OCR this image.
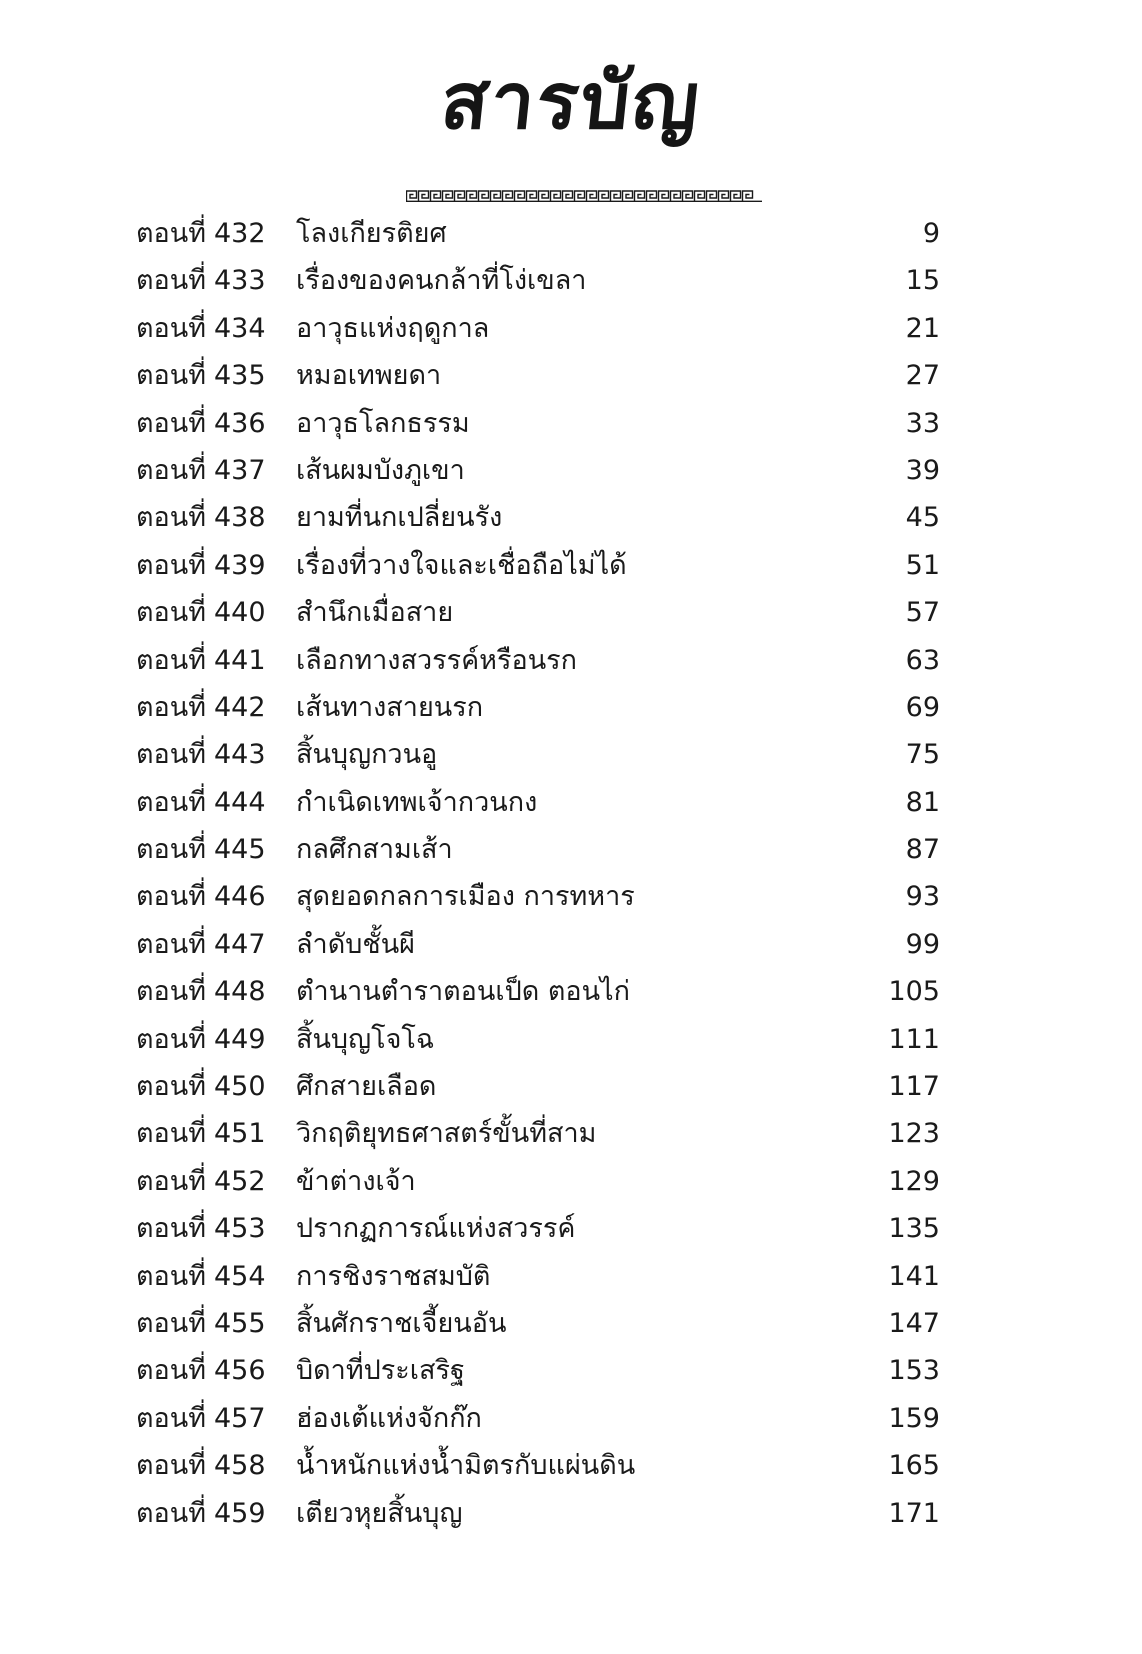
สารบัญ
ตอนที่ 432 โลงเกียรติยศ	9
ตอนที่ 433 เรื่องของคนกล้าที่โง่เขลา	15
ตอนที่ 434 อาวุธแห่งฤดูกาล	21
ตอนที่ 435 หมอเทพยดา	27
ตอนที่ 436 อาวุธโลกธรรม	33
ตอนที่ 437 เส้นผมบังภูเขา	39
ตอนที่ 438 ยามที่นกเปลี่ยนรัง	45
ตอนที่ 439 เรื่องที่วางใจและเชื่อถือไม่ได้	51
ตอนที่ 440 สำนึกเมื่อสาย	57
ตอนที่ 441 เลือกทางสวรรค์หรือนรก	63
ตอนที่ 442 เส้นทางสายนรก	69
ตอนที่ 443 สิ้นบุญกวนอู	75
ตอนที่ 444 กำเนิดเทพเจ้ากวนกง	81
ตอนที่ 445 กลศึกสามเส้า	87
ตอนที่ 446 สุดยอดกลการเมือง การทหาร	93
ตอนที่ 447 ลำดับชั้นผี	99
ตอนที่ 448 ตำนานตำราตอนเป็ด ตอนไก่	105
ตอนที่ 449 สิ้นบุญโจโฉ	111
ตอนที่ 450 ศึกสายเลือด	117
ตอนที่ 451 วิกฤติยุทธศาสตร์ขั้นที่สาม	123
ตอนที่ 452 ข้าต่างเจ้า	129
ตอนที่ 453 ปรากฏการณ์แห่งสวรรค์	135
ตอนที่ 454 การชิงราชสมบัติ	141
ตอนที่ 455 สิ้นศักราชเจี้ยนอัน	147
ตอนที่ 456 บิดาที่ประเสริฐ	153
ตอนที่ 457 ฮ่องเต้แห่งจักก๊ก	159
ตอนที่ 458 น้ำหนักแห่งน้ำมิตรกับแผ่นดิน	165
ตอนที่ 459 เตียวหุยสิ้นบุญ	171
